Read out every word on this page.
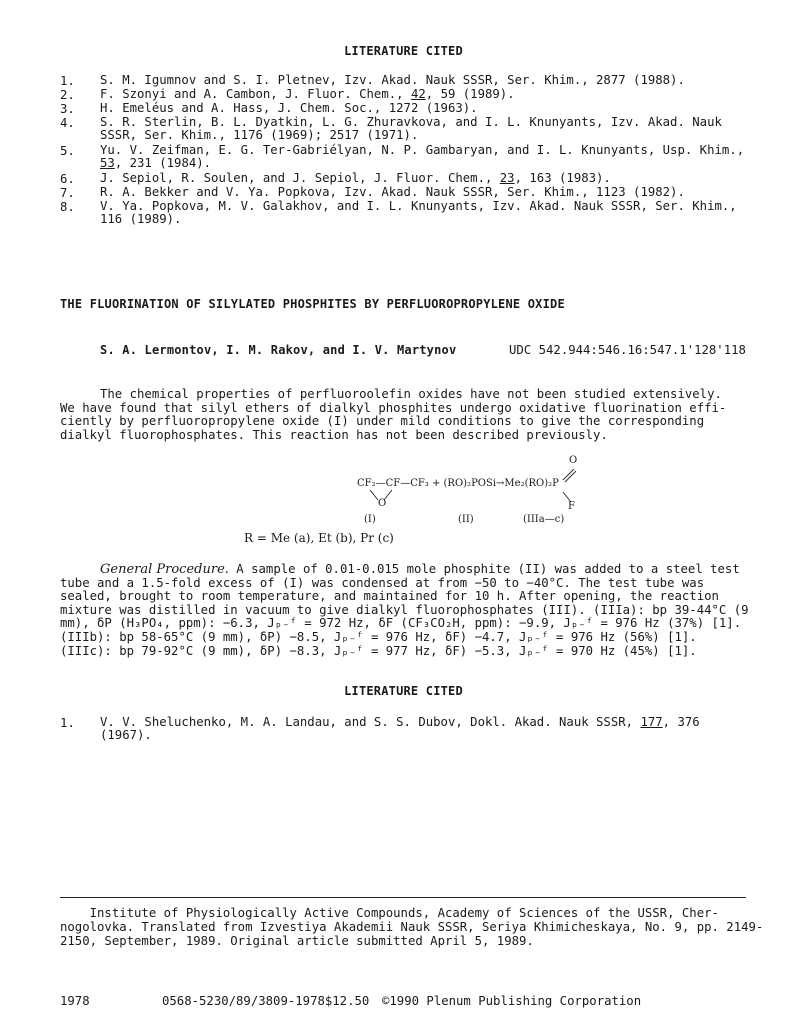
LITERATURE CITED
1. S. M. Igumnov and S. I. Pletnev, Izv. Akad. Nauk SSSR, Ser. Khim., 2877 (1988).
2. F. Szonyi and A. Cambon, J. Fluor. Chem., 42, 59 (1989).
3. H. Emeléus and A. Hass, J. Chem. Soc., 1272 (1963).
4. S. R. Sterlin, B. L. Dyatkin, L. G. Zhuravkova, and I. L. Knunyants, Izv. Akad. Nauk
SSSR, Ser. Khim., 1176 (1969); 2517 (1971).
5. Yu. V. Zeifman, E. G. Ter-Gabriélyan, N. P. Gambaryan, and I. L. Knunyants, Usp. Khim.,
53, 231 (1984).
6. J. Sepiol, R. Soulen, and J. Sepiol, J. Fluor. Chem., 23, 163 (1983).
7. R. A. Bekker and V. Ya. Popkova, Izv. Akad. Nauk SSSR, Ser. Khim., 1123 (1982).
8. V. Ya. Popkova, M. V. Galakhov, and I. L. Knunyants, Izv. Akad. Nauk SSSR, Ser. Khim.,
116 (1989).
THE FLUORINATION OF SILYLATED PHOSPHITES BY PERFLUOROPROPYLENE OXIDE
S. A. Lermontov, I. M. Rakov, and I. V. Martynov	UDC 542.944:546.16:547.1'128'118
The chemical properties of perfluoroolefin oxides have not been studied extensively.
We have found that silyl ethers of dialkyl phosphites undergo oxidative fluorination effi-
ciently by perfluoropropylene oxide (I) under mild conditions to give the corresponding
dialkyl fluorophosphates. This reaction has not been described previously.
O
CF₂—CF—CF₃ + (RO)₂POSi→Me₂(RO)₂P
O	F
(I)	(II)	(IIIa—c)
R = Me (a), Et (b), Pr (c)
General Procedure. A sample of 0.01-0.015 mole phosphite (II) was added to a steel test
tube and a 1.5-fold excess of (I) was condensed at from −50 to −40°C. The test tube was
sealed, brought to room temperature, and maintained for 10 h. After opening, the reaction
mixture was distilled in vacuum to give dialkyl fluorophosphates (III). (IIIa): bp 39-44°C (9
mm), δP (H₃PO₄, ppm): −6.3, Jₚ₋ᶠ = 972 Hz, δF (CF₃CO₂H, ppm): −9.9, Jₚ₋ᶠ = 976 Hz (37%) [1].
(IIIb): bp 58-65°C (9 mm), δP) −8.5, Jₚ₋ᶠ = 976 Hz, δF) −4.7, Jₚ₋ᶠ = 976 Hz (56%) [1].
(IIIc): bp 79-92°C (9 mm), δP) −8.3, Jₚ₋ᶠ = 977 Hz, δF) −5.3, Jₚ₋ᶠ = 970 Hz (45%) [1].
LITERATURE CITED
1. V. V. Sheluchenko, M. A. Landau, and S. S. Dubov, Dokl. Akad. Nauk SSSR, 177, 376
(1967).
Institute of Physiologically Active Compounds, Academy of Sciences of the USSR, Cher-
nogolovka. Translated from Izvestiya Akademii Nauk SSSR, Seriya Khimicheskaya, No. 9, pp. 2149-
2150, September, 1989. Original article submitted April 5, 1989.
1978	0568-5230/89/3809-1978$12.50 ©1990 Plenum Publishing Corporation
